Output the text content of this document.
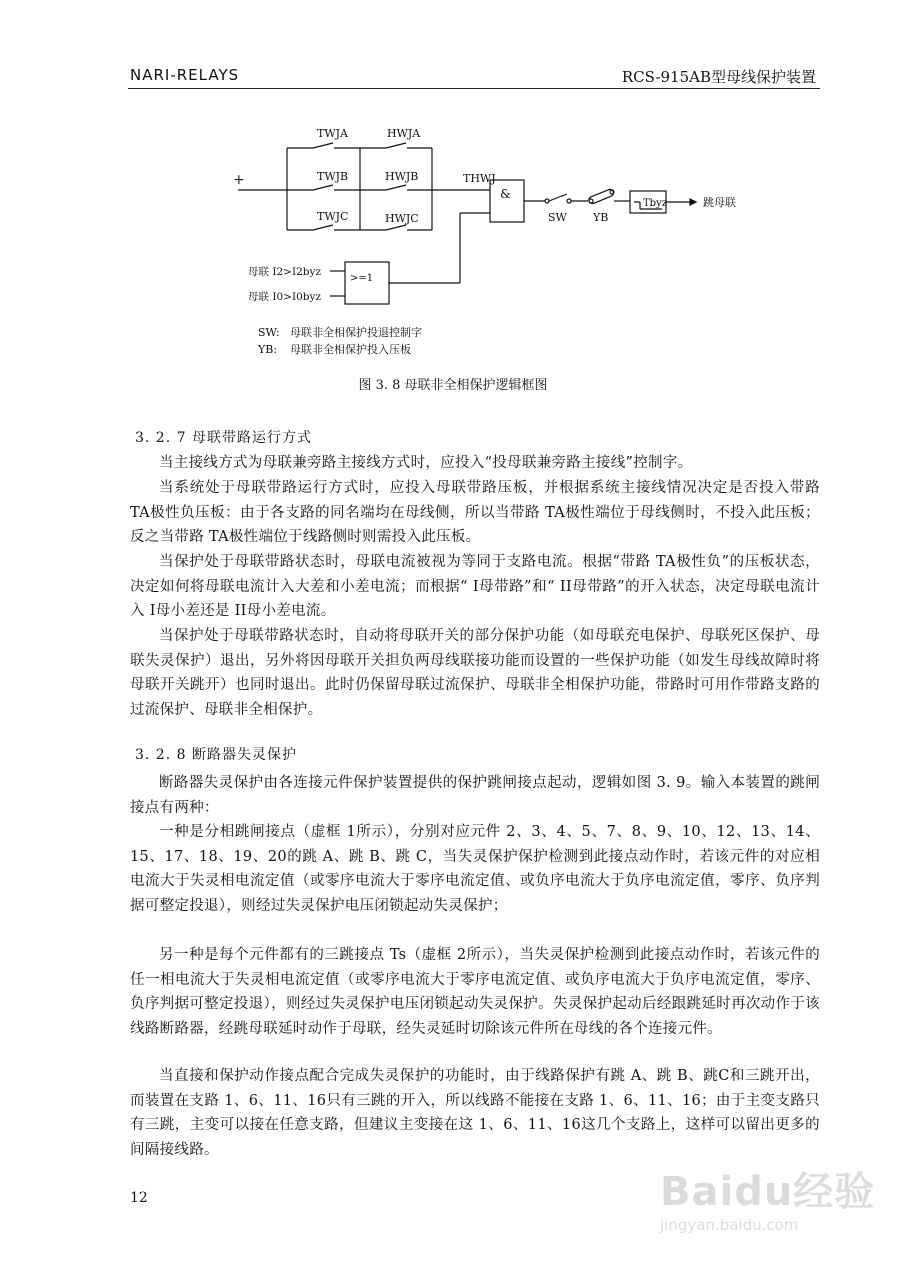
NARI-RELAYS	RCS-915AB型母线保护装置
+
TWJA	HWJA
TWJB	HWJB
TWJC	HWJC
THWJ
&
>=1
SW YB
Tbyz	跳母联
母联 I2>I2byz
母联 I0>I0byz
SW: 母联非全相保护投退控制字
YB: 母联非全相保护投入压板
图 3. 8 母联非全相保护逻辑框图
3. 2. 7 母联带路运行方式

当主接线方式为母联兼旁路主接线方式时，应投入“投母联兼旁路主接线”控制字。

当系统处于母联带路运行方式时，应投入母联带路压板，并根据系统主接线情况决定是否投入带路 TA极性负压板：由于各支路的同名端均在母线侧，所以当带路 TA极性端位于母线侧时，不投入此压板；反之当带路 TA极性端位于线路侧时则需投入此压板。

当保护处于母联带路状态时，母联电流被视为等同于支路电流。根据“带路 TA极性负”的压板状态，决定如何将母联电流计入大差和小差电流；而根据“ I母带路”和“ II母带路”的开入状态，决定母联电流计入 I母小差还是 II母小差电流。

当保护处于母联带路状态时，自动将母联开关的部分保护功能（如母联充电保护、母联死区保护、母联失灵保护）退出，另外将因母联开关担负两母线联接功能而设置的一些保护功能（如发生母线故障时将母联开关跳开）也同时退出。此时仍保留母联过流保护、母联非全相保护功能，带路时可用作带路支路的过流保护、母联非全相保护。

3. 2. 8 断路器失灵保护

断路器失灵保护由各连接元件保护装置提供的保护跳闸接点起动，逻辑如图 3. 9。输入本装置的跳闸接点有两种：

一种是分相跳闸接点（虚框 1所示），分别对应元件 2、3、4、5、7、8、9、10、12、13、14、15、17、18、19、20的跳 A、跳 B、跳 C，当失灵保护保护检测到此接点动作时，若该元件的对应相电流大于失灵相电流定值（或零序电流大于零序电流定值、或负序电流大于负序电流定值，零序、负序判据可整定投退），则经过失灵保护电压闭锁起动失灵保护；

另一种是每个元件都有的三跳接点 Ts（虚框 2所示），当失灵保护检测到此接点动作时，若该元件的任一相电流大于失灵相电流定值（或零序电流大于零序电流定值、或负序电流大于负序电流定值，零序、负序判据可整定投退），则经过失灵保护电压闭锁起动失灵保护。失灵保护起动后经跟跳延时再次动作于该线路断路器，经跳母联延时动作于母联，经失灵延时切除该元件所在母线的各个连接元件。

当直接和保护动作接点配合完成失灵保护的功能时，由于线路保护有跳 A、跳 B、跳C和三跳开出，而装置在支路 1、6、11、16只有三跳的开入，所以线路不能接在支路 1、6、11、16；由于主变支路只有三跳，主变可以接在任意支路，但建议主变接在这 1、6、11、16这几个支路上，这样可以留出更多的间隔接线路。

12	Baidu经验
jingyan.baidu.com
